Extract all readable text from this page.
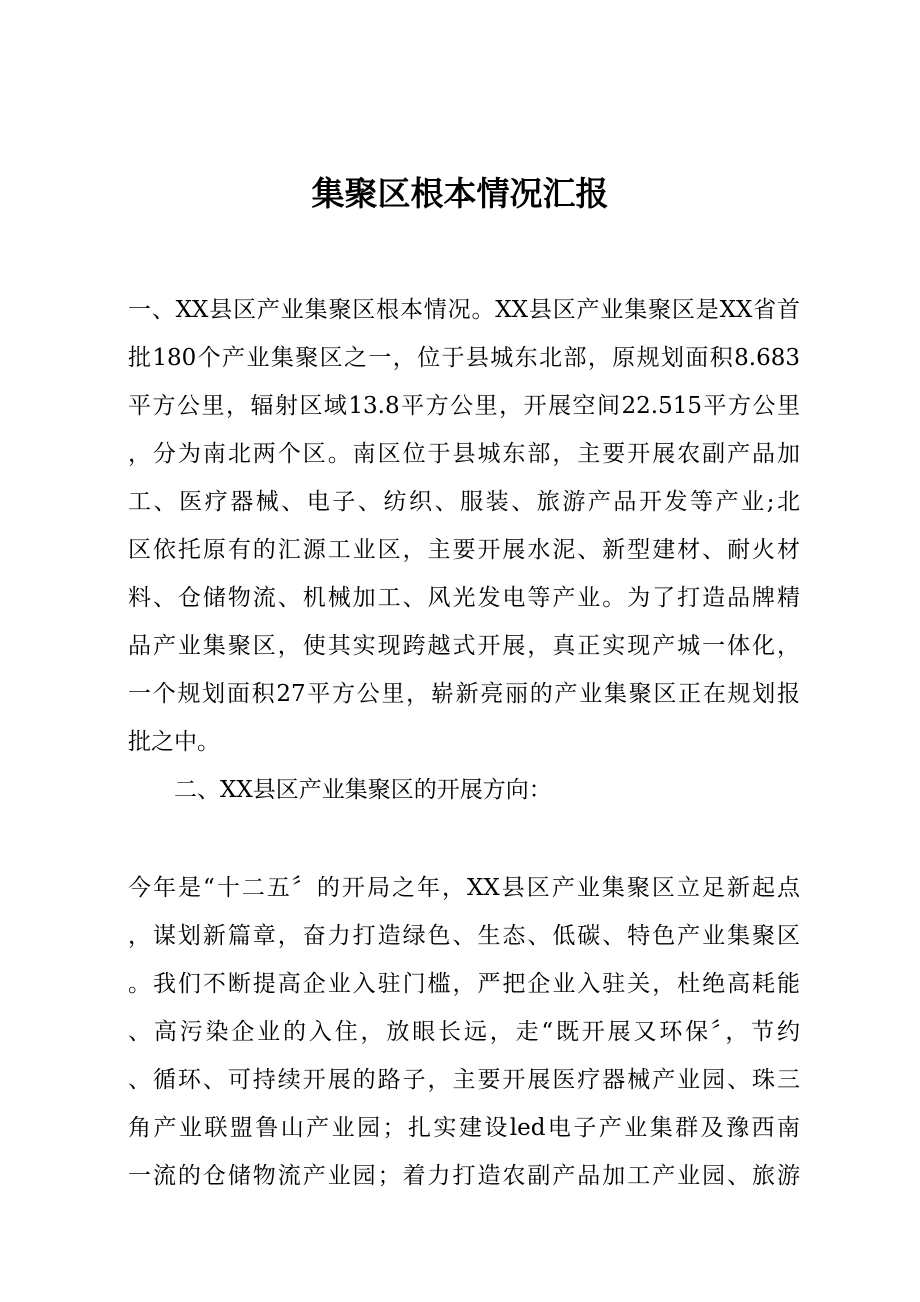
集聚区根本情况汇报
一、XX县区产业集聚区根本情况。XX县区产业集聚区是XX省首
批180个产业集聚区之一，位于县城东北部，原规划面积8.683
平方公里，辐射区域13.8平方公里，开展空间22.515平方公里
，分为南北两个区。南区位于县城东部，主要开展农副产品加
工、医疗器械、电子、纺织、服装、旅游产品开发等产业;北
区依托原有的汇源工业区，主要开展水泥、新型建材、耐火材
料、仓储物流、机械加工、风光发电等产业。为了打造品牌精
品产业集聚区，使其实现跨越式开展，真正实现产城一体化，
一个规划面积27平方公里，崭新亮丽的产业集聚区正在规划报
批之中。
二、XX县区产业集聚区的开展方向：
今年是“十二五〞的开局之年，XX县区产业集聚区立足新起点
，谋划新篇章，奋力打造绿色、生态、低碳、特色产业集聚区
。我们不断提高企业入驻门槛，严把企业入驻关，杜绝高耗能
、高污染企业的入住，放眼长远，走“既开展又环保〞，节约
、循环、可持续开展的路子，主要开展医疗器械产业园、珠三
角产业联盟鲁山产业园；扎实建设led电子产业集群及豫西南
一流的仓储物流产业园；着力打造农副产品加工产业园、旅游
